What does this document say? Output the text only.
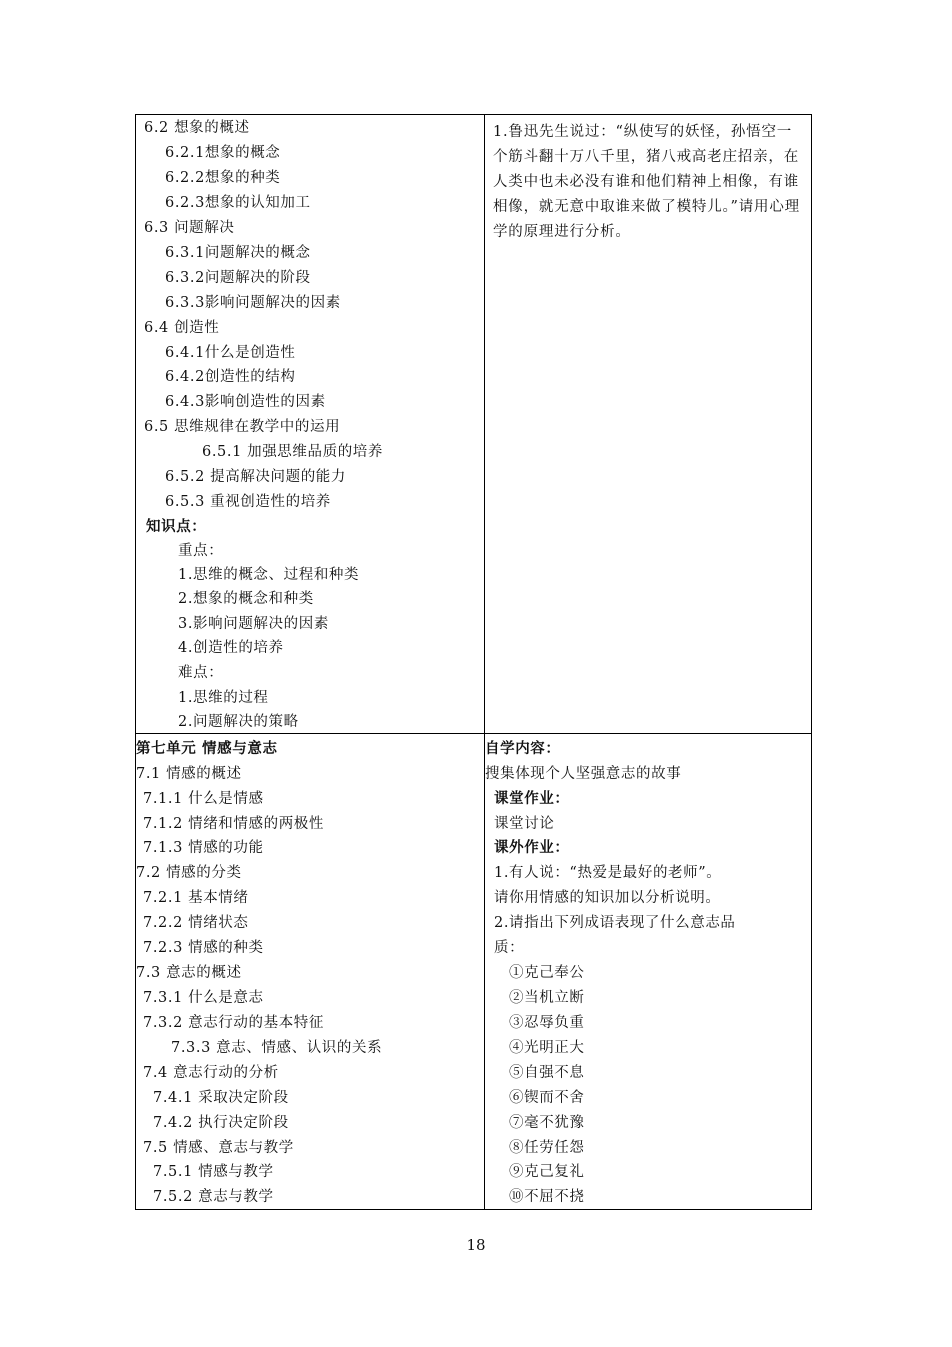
6.2 想象的概述
6.2.1想象的概念
6.2.2想象的种类
6.2.3想象的认知加工
6.3 问题解决
6.3.1问题解决的概念
6.3.2问题解决的阶段
6.3.3影响问题解决的因素
6.4 创造性
6.4.1什么是创造性
6.4.2创造性的结构
6.4.3影响创造性的因素
6.5 思维规律在教学中的运用
6.5.1 加强思维品质的培养
6.5.2 提高解决问题的能力
6.5.3 重视创造性的培养
知识点：
重点：
1.思维的概念、过程和种类
2.想象的概念和种类
3.影响问题解决的因素
4.创造性的培养
难点：
1.思维的过程
2.问题解决的策略
1.鲁迅先生说过：“纵使写的妖怪，孙悟空一个筋斗翻十万八千里，猪八戒高老庄招亲，在人类中也未必没有谁和他们精神上相像，有谁相像，就无意中取谁来做了模特儿。”请用心理学的原理进行分析。
第七单元 情感与意志
7.1 情感的概述
7.1.1 什么是情感
7.1.2 情绪和情感的两极性
7.1.3 情感的功能
7.2 情感的分类
7.2.1 基本情绪
7.2.2 情绪状态
7.2.3 情感的种类
7.3 意志的概述
7.3.1 什么是意志
7.3.2 意志行动的基本特征
7.3.3 意志、情感、认识的关系
7.4 意志行动的分析
7.4.1 采取决定阶段
7.4.2 执行决定阶段
7.5 情感、意志与教学
7.5.1 情感与教学
7.5.2 意志与教学
自学内容：
搜集体现个人坚强意志的故事
课堂作业：
课堂讨论
课外作业：
1.有人说：“热爱是最好的老师”。
请你用情感的知识加以分析说明。
2.请指出下列成语表现了什么意志品
质：
①克己奉公
②当机立断
③忍辱负重
④光明正大
⑤自强不息
⑥锲而不舍
⑦毫不犹豫
⑧任劳任怨
⑨克己复礼
⑩不屈不挠
18
